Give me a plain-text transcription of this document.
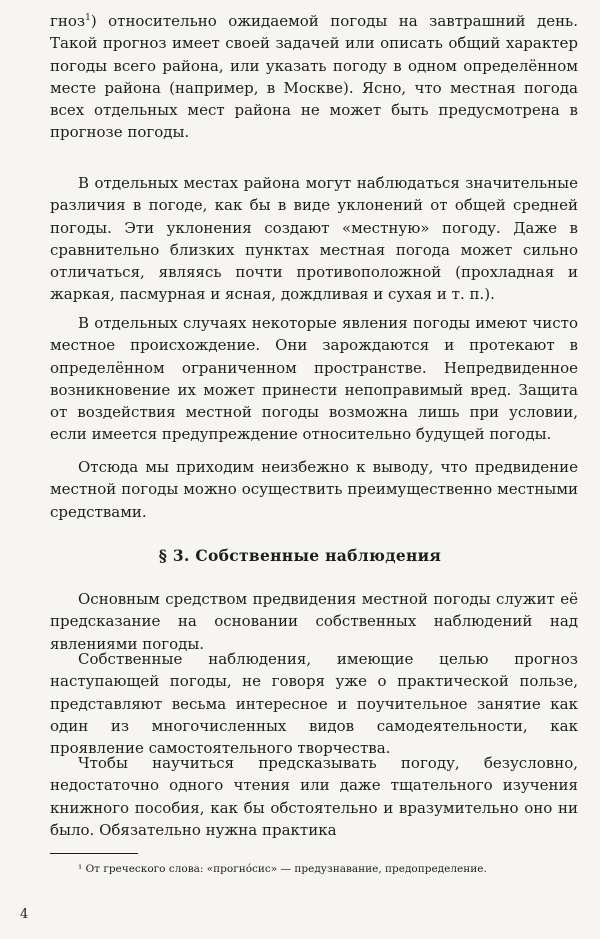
гноз$^1$) относительно ожидаемой погоды на завтрашний день. Такой прогноз имеет своей задачей или описать общий характер погоды всего района, или указать погоду в одном определённом месте района (например, в Москве). Ясно, что местная погода всех отдельных мест района не может быть предусмотрена в прогнозе погоды.

В отдельных местах района могут наблюдаться значительные различия в погоде, как бы в виде уклонений от общей средней погоды. Эти уклонения создают «местную» погоду. Даже в сравнительно близких пунктах местная погода может сильно отличаться, являясь почти противоположной (прохладная и жаркая, пасмурная и ясная, дождливая и сухая и т. п.).

В отдельных случаях некоторые явления погоды имеют чисто местное происхождение. Они зарождаются и протекают в определённом ограниченном пространстве. Непредвиденное возникновение их может принести непоправимый вред. Защита от воздействия местной погоды возможна лишь при условии, если имеется предупреждение относительно будущей погоды.

Отсюда мы приходим неизбежно к выводу, что предвидение местной погоды можно осуществить преимущественно местными средствами.

§ 3. Собственные наблюдения

Основным средством предвидения местной погоды служит её предсказание на основании собственных наблюдений над явлениями погоды.

Собственные наблюдения, имеющие целью прогноз наступающей погоды, не говоря уже о практической пользе, представляют весьма интересное и поучительное занятие как один из многочисленных видов самодеятельности, как проявление самостоятельного творчества.

Чтобы научиться предсказывать погоду, безусловно, недостаточно одного чтения или даже тщательного изучения книжного пособия, как бы обстоятельно и вразумительно оно ни было. Обязательно нужна практика

¹ От греческого слова: «прогно́сис» — предузнавание, предопределение.

4
